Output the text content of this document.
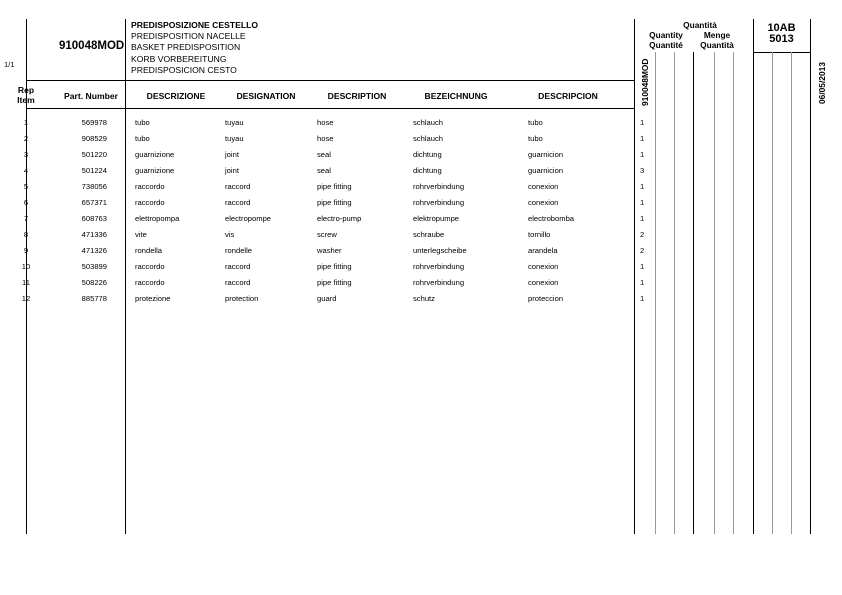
1/1
910048MOD
PREDISPOSIZIONE CESTELLO
PREDISPOSITION NACELLE
BASKET PREDISPOSITION
KORB VORBEREITUNG
PREDISPOSICION CESTO
Quantità
Quantity	Menge
Quantité	Quantità
10AB
5013
910048MOD	06/05/2013
Rep
Item	Part. Number	DESCRIZIONE	DESIGNATION	DESCRIPTION	BEZEICHNUNG	DESCRIPCION
1	569978	tubo	tuyau	hose	schlauch	tubo	1
2	908529	tubo	tuyau	hose	schlauch	tubo	1
3	501220	guarnizione	joint	seal	dichtung	guarnicion	1
4	501224	guarnizione	joint	seal	dichtung	guarnicion	3
5	738056	raccordo	raccord	pipe fitting	rohrverbindung	conexion	1
6	657371	raccordo	raccord	pipe fitting	rohrverbindung	conexion	1
7	608763	elettropompa	electropompe	electro-pump	elektropumpe	electrobomba	1
8	471336	vite	vis	screw	schraube	tornillo	2
9	471326	rondella	rondelle	washer	unterlegscheibe	arandela	2
10	503899	raccordo	raccord	pipe fitting	rohrverbindung	conexion	1
11	508226	raccordo	raccord	pipe fitting	rohrverbindung	conexion	1
12	885778	protezione	protection	guard	schutz	proteccion	1
